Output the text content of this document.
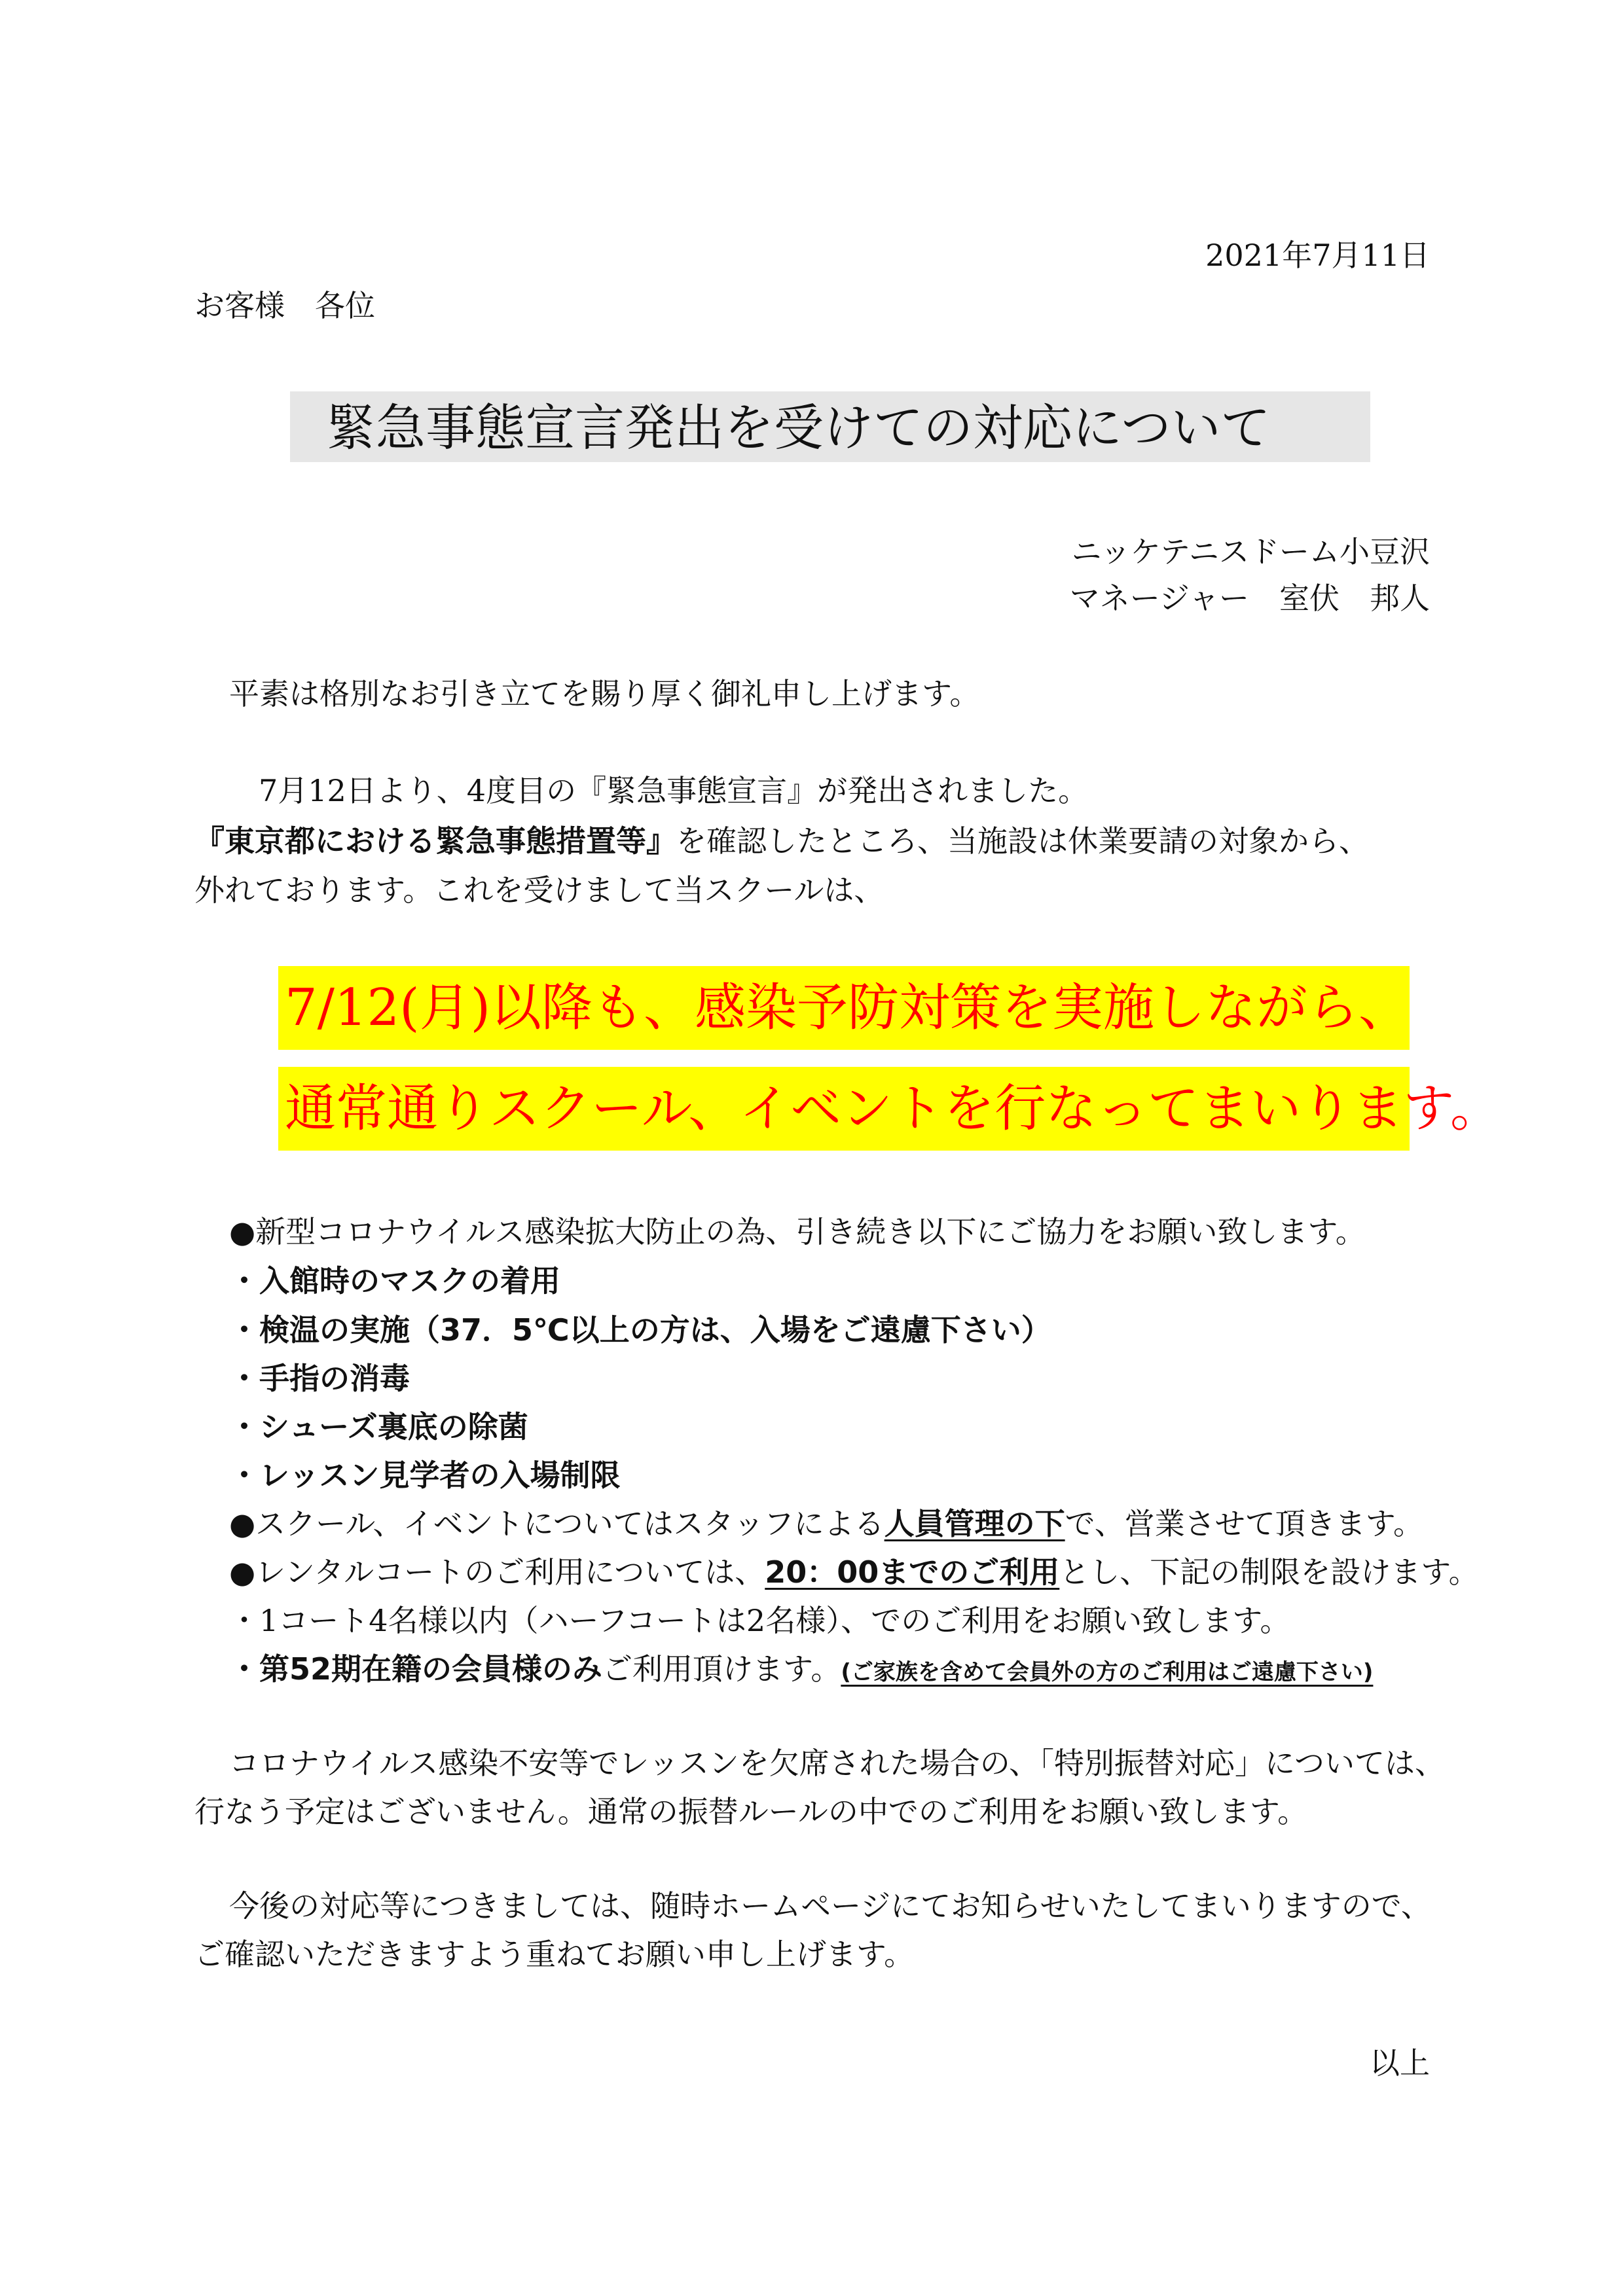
2021年7月11日
お客様　各位
緊急事態宣言発出を受けての対応について
ニッケテニスドーム小豆沢
マネージャー　室伏　邦人
平素は格別なお引き立てを賜り厚く御礼申し上げます。
7月12日より、4度目の『緊急事態宣言』が発出されました。
『東京都における緊急事態措置等』を確認したところ、当施設は休業要請の対象から、
外れております。これを受けまして当スクールは、
7/12(月)以降も、感染予防対策を実施しながら、
通常通りスクール、イベントを行なってまいります。
●新型コロナウイルス感染拡大防止の為、引き続き以下にご協力をお願い致します。
・入館時のマスクの着用
・検温の実施（37．5℃以上の方は、入場をご遠慮下さい）
・手指の消毒
・シューズ裏底の除菌
・レッスン見学者の入場制限
●スクール、イベントについてはスタッフによる人員管理の下で、営業させて頂きます。
●レンタルコートのご利用については、20：00までのご利用とし、下記の制限を設けます。
・1コート4名様以内（ハーフコートは2名様）、でのご利用をお願い致します。
・第52期在籍の会員様のみご利用頂けます。(ご家族を含めて会員外の方のご利用はご遠慮下さい)
コロナウイルス感染不安等でレッスンを欠席された場合の、「特別振替対応」については、
行なう予定はございません。通常の振替ルールの中でのご利用をお願い致します。
今後の対応等につきましては、随時ホームページにてお知らせいたしてまいりますので、
ご確認いただきますよう重ねてお願い申し上げます。
以上
